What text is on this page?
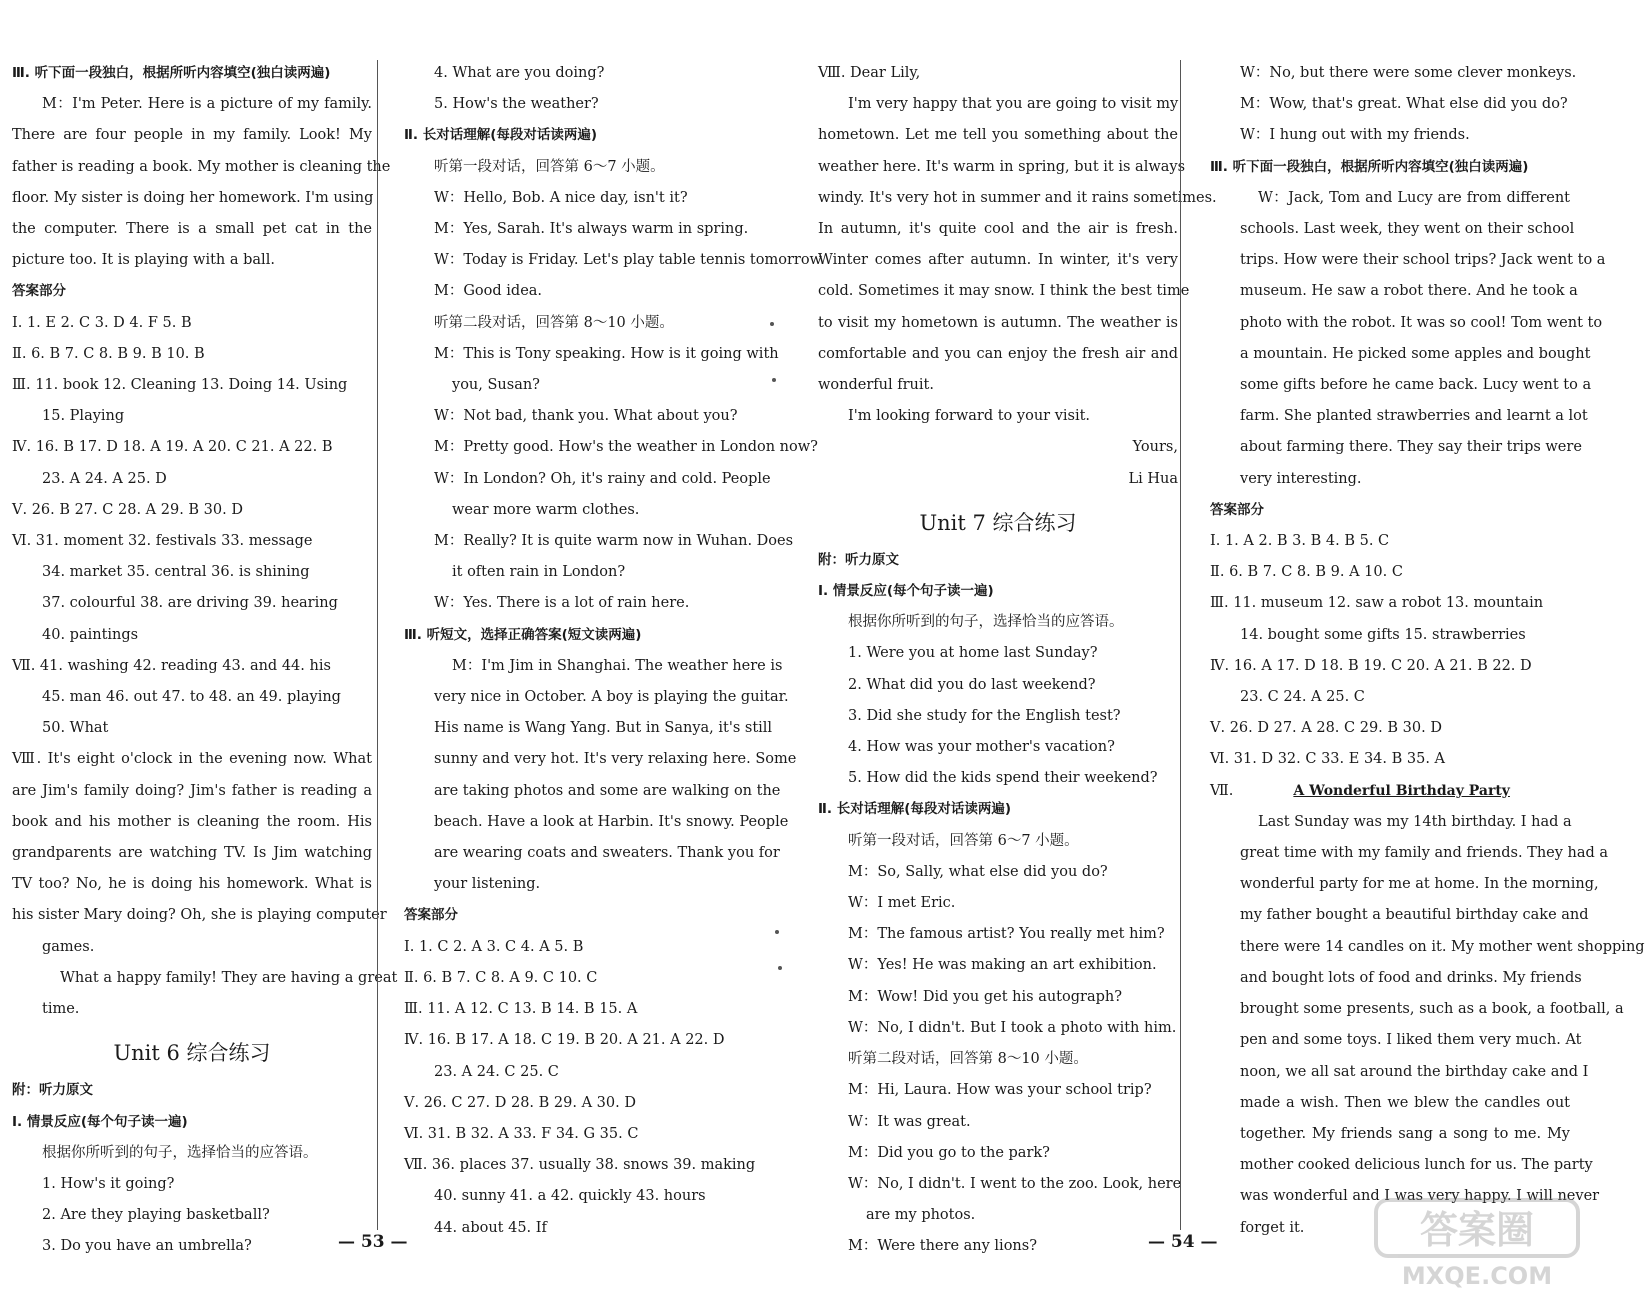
Ⅲ. 听下面一段独白，根据所听内容填空(独白读两遍)
M：I'm Peter. Here is a picture of my family.
There are four people in my family. Look! My
father is reading a book. My mother is cleaning the
floor. My sister is doing her homework. I'm using
the computer. There is a small pet cat in the
picture too. It is playing with a ball.
答案部分
Ⅰ. 1. E 2. C 3. D 4. F 5. B
Ⅱ. 6. B 7. C 8. B 9. B 10. B
Ⅲ. 11. book 12. Cleaning 13. Doing 14. Using
15. Playing
Ⅳ. 16. B 17. D 18. A 19. A 20. C 21. A 22. B
23. A 24. A 25. D
Ⅴ. 26. B 27. C 28. A 29. B 30. D
Ⅵ. 31. moment 32. festivals 33. message
34. market 35. central 36. is shining
37. colourful 38. are driving 39. hearing
40. paintings
Ⅶ. 41. washing 42. reading 43. and 44. his
45. man 46. out 47. to 48. an 49. playing
50. What
Ⅷ. It's eight o'clock in the evening now. What
are Jim's family doing? Jim's father is reading a
book and his mother is cleaning the room. His
grandparents are watching TV. Is Jim watching
TV too? No, he is doing his homework. What is
his sister Mary doing? Oh, she is playing computer
games.
What a happy family! They are having a great
time.
Unit 6 综合练习
附：听力原文
Ⅰ. 情景反应(每个句子读一遍)
根据你所听到的句子，选择恰当的应答语。
1. How's it going?
2. Are they playing basketball?
3. Do you have an umbrella?
4. What are you doing?
5. How's the weather?
Ⅱ. 长对话理解(每段对话读两遍)
听第一段对话，回答第 6～7 小题。
W：Hello, Bob. A nice day, isn't it?
M：Yes, Sarah. It's always warm in spring.
W：Today is Friday. Let's play table tennis tomorrow.
M：Good idea.
听第二段对话，回答第 8～10 小题。
M：This is Tony speaking. How is it going with
you, Susan?
W：Not bad, thank you. What about you?
M：Pretty good. How's the weather in London now?
W：In London? Oh, it's rainy and cold. People
wear more warm clothes.
M：Really? It is quite warm now in Wuhan. Does
it often rain in London?
W：Yes. There is a lot of rain here.
Ⅲ. 听短文，选择正确答案(短文读两遍)
M：I'm Jim in Shanghai. The weather here is
very nice in October. A boy is playing the guitar.
His name is Wang Yang. But in Sanya, it's still
sunny and very hot. It's very relaxing here. Some
are taking photos and some are walking on the
beach. Have a look at Harbin. It's snowy. People
are wearing coats and sweaters. Thank you for
your listening.
答案部分
Ⅰ. 1. C 2. A 3. C 4. A 5. B
Ⅱ. 6. B 7. C 8. A 9. C 10. C
Ⅲ. 11. A 12. C 13. B 14. B 15. A
Ⅳ. 16. B 17. A 18. C 19. B 20. A 21. A 22. D
23. A 24. C 25. C
Ⅴ. 26. C 27. D 28. B 29. A 30. D
Ⅵ. 31. B 32. A 33. F 34. G 35. C
Ⅶ. 36. places 37. usually 38. snows 39. making
40. sunny 41. a 42. quickly 43. hours
44. about 45. If
— 53 —
Ⅷ. Dear Lily,
I'm very happy that you are going to visit my
hometown. Let me tell you something about the
weather here. It's warm in spring, but it is always
windy. It's very hot in summer and it rains sometimes.
In autumn, it's quite cool and the air is fresh.
Winter comes after autumn. In winter, it's very
cold. Sometimes it may snow. I think the best time
to visit my hometown is autumn. The weather is
comfortable and you can enjoy the fresh air and
wonderful fruit.
I'm looking forward to your visit.
Yours,
Li Hua
Unit 7 综合练习
附：听力原文
Ⅰ. 情景反应(每个句子读一遍)
根据你所听到的句子，选择恰当的应答语。
1. Were you at home last Sunday?
2. What did you do last weekend?
3. Did she study for the English test?
4. How was your mother's vacation?
5. How did the kids spend their weekend?
Ⅱ. 长对话理解(每段对话读两遍)
听第一段对话，回答第 6～7 小题。
M：So, Sally, what else did you do?
W：I met Eric.
M：The famous artist? You really met him?
W：Yes! He was making an art exhibition.
M：Wow! Did you get his autograph?
W：No, I didn't. But I took a photo with him.
听第二段对话，回答第 8～10 小题。
M：Hi, Laura. How was your school trip?
W：It was great.
M：Did you go to the park?
W：No, I didn't. I went to the zoo. Look, here
are my photos.
M：Were there any lions?
W：No, but there were some clever monkeys.
M：Wow, that's great. What else did you do?
W：I hung out with my friends.
Ⅲ. 听下面一段独白，根据所听内容填空(独白读两遍)
W：Jack, Tom and Lucy are from different
schools. Last week, they went on their school
trips. How were their school trips? Jack went to a
museum. He saw a robot there. And he took a
photo with the robot. It was so cool! Tom went to
a mountain. He picked some apples and bought
some gifts before he came back. Lucy went to a
farm. She planted strawberries and learnt a lot
about farming there. They say their trips were
very interesting.
答案部分
Ⅰ. 1. A 2. B 3. B 4. B 5. C
Ⅱ. 6. B 7. C 8. B 9. A 10. C
Ⅲ. 11. museum 12. saw a robot 13. mountain
14. bought some gifts 15. strawberries
Ⅳ. 16. A 17. D 18. B 19. C 20. A 21. B 22. D
23. C 24. A 25. C
Ⅴ. 26. D 27. A 28. C 29. B 30. D
Ⅵ. 31. D 32. C 33. E 34. B 35. A
Ⅶ.	A Wonderful Birthday Party
Last Sunday was my 14th birthday. I had a
great time with my family and friends. They had a
wonderful party for me at home. In the morning,
my father bought a beautiful birthday cake and
there were 14 candles on it. My mother went shopping
and bought lots of food and drinks. My friends
brought some presents, such as a book, a football, a
pen and some toys. I liked them very much. At
noon, we all sat around the birthday cake and I
made a wish. Then we blew the candles out
together. My friends sang a song to me. My
mother cooked delicious lunch for us. The party
was wonderful and I was very happy. I will never
forget it.
— 54 —	答案圈
MXQE.COM
